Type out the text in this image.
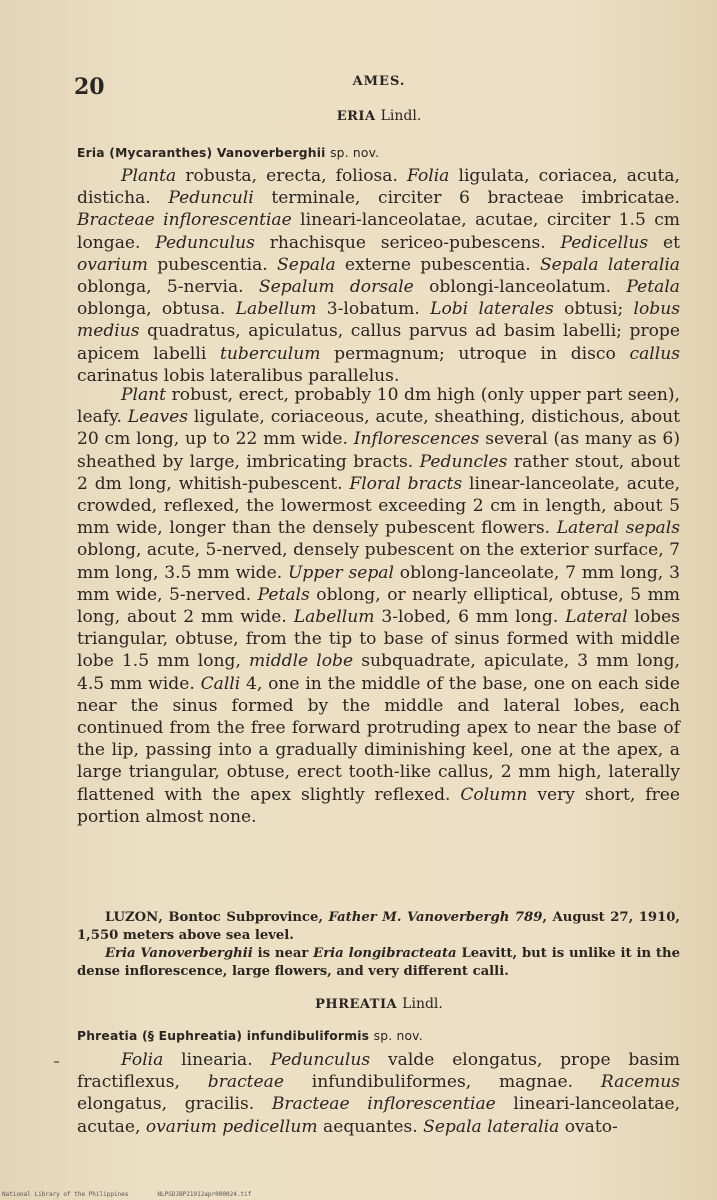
20	AMES.
ERIA Lindl.
Eria (Mycaranthes) Vanoverberghii sp. nov.

Planta robusta, erecta, foliosa. Folia ligulata, coriacea, acuta, disticha. Pedunculi terminale, circiter 6 bracteae imbricatae. Bracteae inflorescentiae lineari-lanceolatae, acutae, circiter 1.5 cm longae. Pedunculus rhachisque sericeo-pubescens. Pedicellus et ovarium pubescentia. Sepala externe pubescentia. Sepala lateralia oblonga, 5-nervia. Sepalum dorsale oblongi-lanceolatum. Petala oblonga, obtusa. Labellum 3-lobatum. Lobi laterales obtusi; lobus medius quadratus, apiculatus, callus parvus ad basim labelli; prope apicem labelli tuberculum permagnum; utroque in disco callus carinatus lobis lateralibus parallelus.

Plant robust, erect, probably 10 dm high (only upper part seen), leafy. Leaves ligulate, coriaceous, acute, sheathing, distichous, about 20 cm long, up to 22 mm wide. Inflorescences several (as many as 6) sheathed by large, imbricating bracts. Peduncles rather stout, about 2 dm long, whitish-pubescent. Floral bracts linear-lanceolate, acute, crowded, reflexed, the lowermost exceeding 2 cm in length, about 5 mm wide, longer than the densely pubescent flowers. Lateral sepals oblong, acute, 5-nerved, densely pubescent on the exterior surface, 7 mm long, 3.5 mm wide. Upper sepal oblong-lanceolate, 7 mm long, 3 mm wide, 5-nerved. Petals oblong, or nearly elliptical, obtuse, 5 mm long, about 2 mm wide. Labellum 3-lobed, 6 mm long. Lateral lobes triangular, obtuse, from the tip to base of sinus formed with middle lobe 1.5 mm long, middle lobe subquadrate, apiculate, 3 mm long, 4.5 mm wide. Calli 4, one in the middle of the base, one on each side near the sinus formed by the middle and lateral lobes, each continued from the free forward protruding apex to near the base of the lip, passing into a gradually diminishing keel, one at the apex, a large triangular, obtuse, erect tooth-like callus, 2 mm high, laterally flattened with the apex slightly reflexed. Column very short, free portion almost none.

LUZON, Bontoc Subprovince, Father M. Vanoverbergh 789, August 27, 1910, 1,550 meters above sea level.

Eria Vanoverberghii is near Eria longibracteata Leavitt, but is unlike it in the dense inflorescence, large flowers, and very different calli.

PHREATIA Lindl.
Phreatia (§ Euphreatia) infundibuliformis sp. nov.

Folia linearia. Pedunculus valde elongatus, prope basim fractiflexus, bracteae infundibuliformes, magnae. Racemus elongatus, gracilis. Bracteae inflorescentiae lineari-lanceolatae, acutae, ovarium pedicellum aequantes. Sepala lateralia ovato-

National Library of the Philippines	NLPSDJBP21912apr000024.tif
